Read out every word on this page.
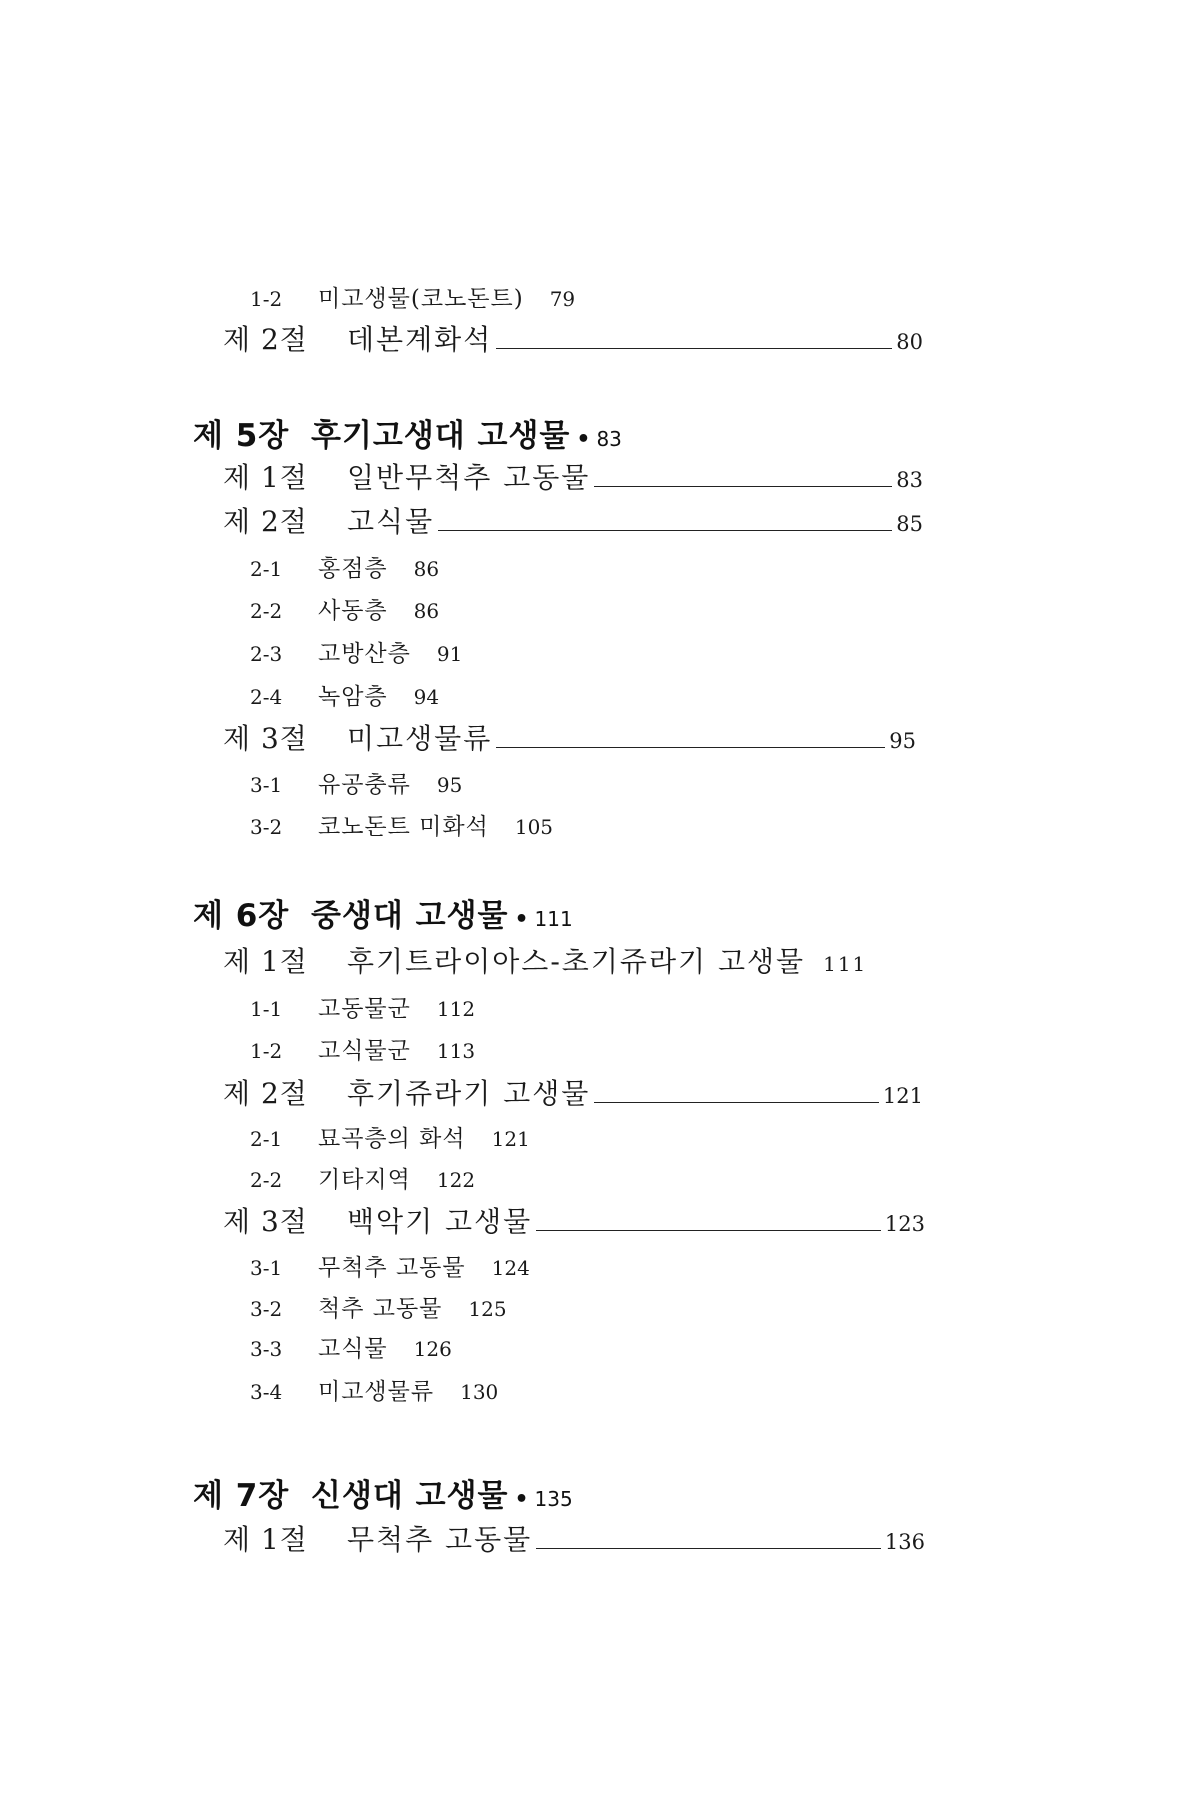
1-2	미고생물(코노돈트) 79
제 2절	데본계화석	80
제 5장 후기고생대 고생물 • 83
제 1절	일반무척추 고동물	83
제 2절	고식물	85
2-1	홍점층 86
2-2	사동층 86
2-3	고방산층 91
2-4	녹암층 94
제 3절	미고생물류	95
3-1	유공충류 95
3-2	코노돈트 미화석 105
제 6장 중생대 고생물 • 111
제 1절	후기트라이아스-초기쥬라기 고생물 111
1-1	고동물군 112
1-2	고식물군 113
제 2절	후기쥬라기 고생물	121
2-1	묘곡층의 화석 121
2-2	기타지역 122
제 3절	백악기 고생물	123
3-1	무척추 고동물 124
3-2	척추 고동물 125
3-3	고식물 126
3-4	미고생물류 130
제 7장 신생대 고생물 • 135
제 1절	무척추 고동물	136
